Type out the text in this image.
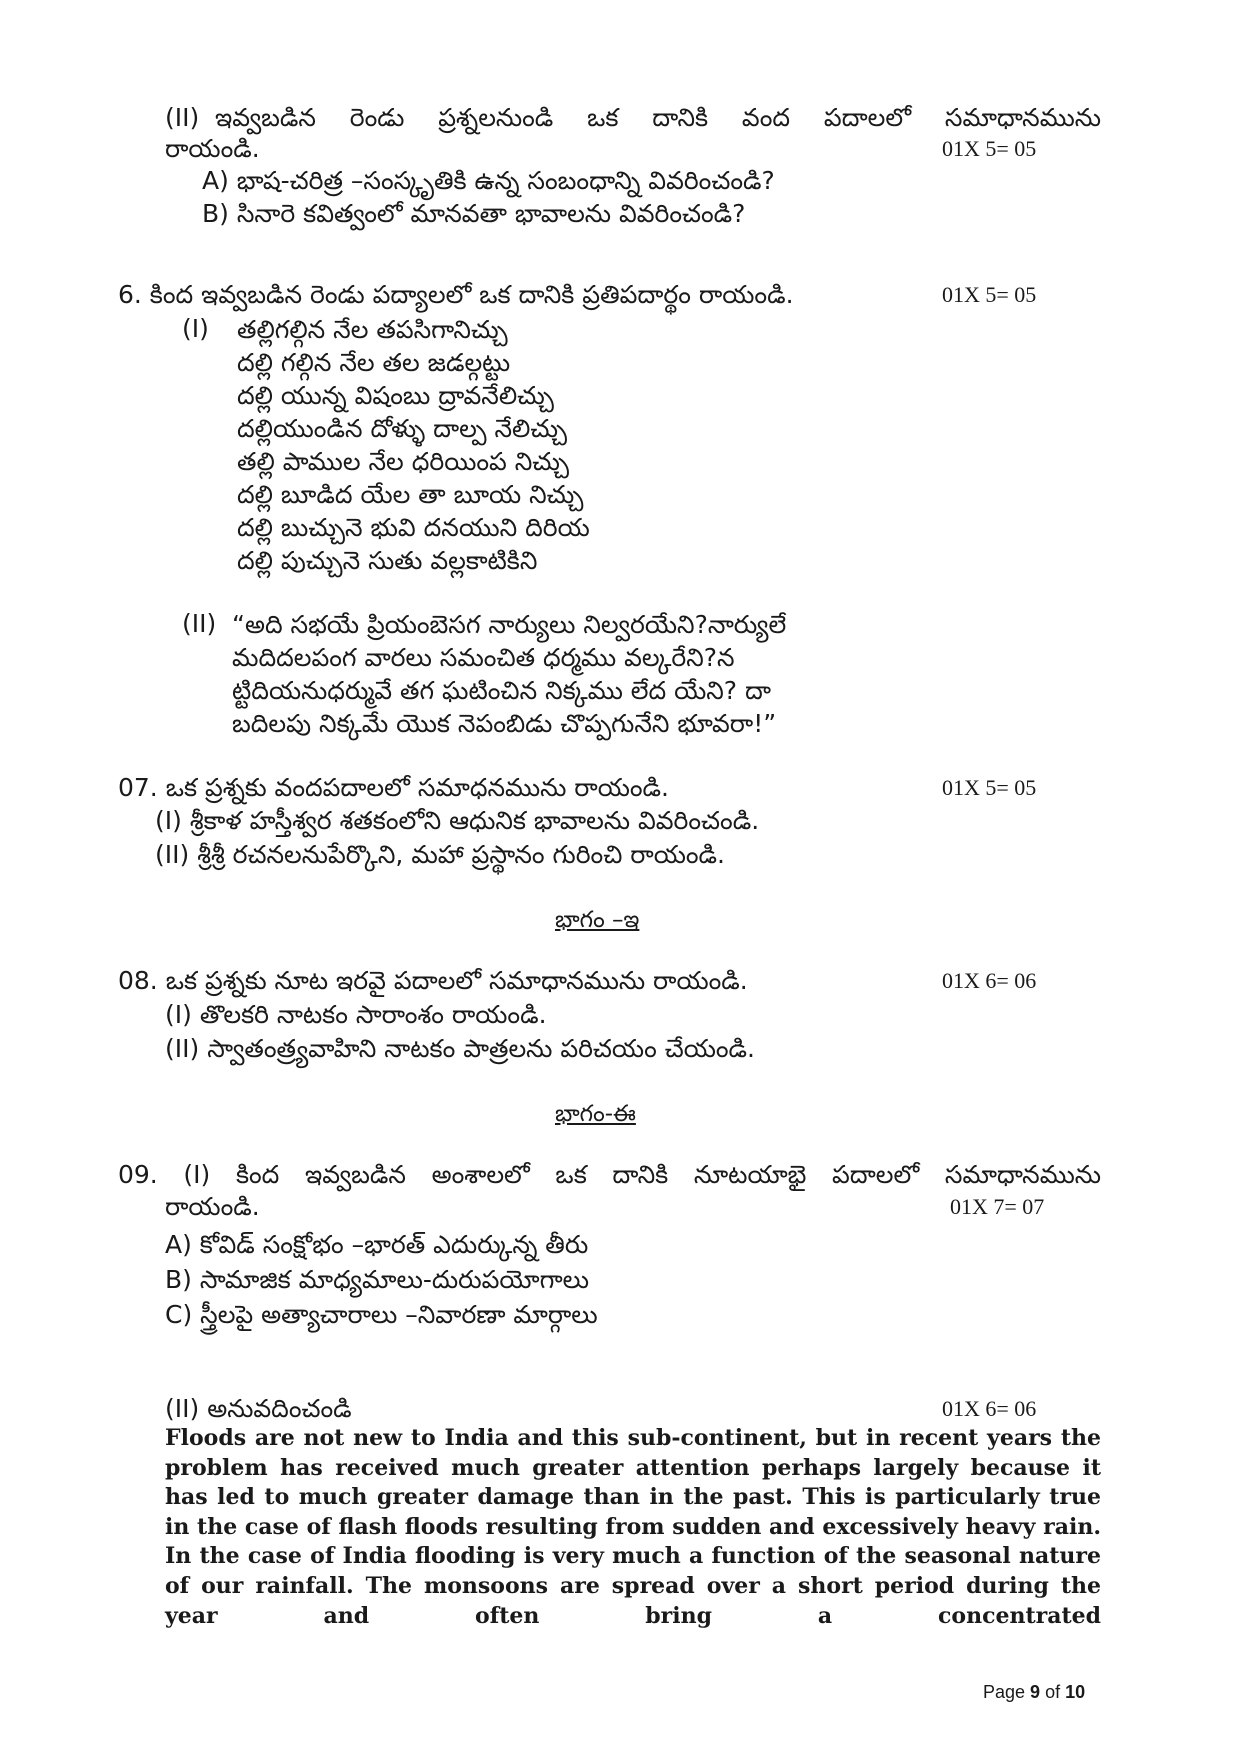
(II) ఇవ్వబడిన రెండు ప్రశ్నలనుండి ఒక దానికి వంద పదాలలో సమాధానమును
రాయండి.	01X 5= 05
A) భాష-చరిత్ర –సంస్కృతికి ఉన్న సంబంధాన్ని వివరించండి?
B) సినారె కవిత్వంలో మానవతా భావాలను వివరించండి?
6. కింద ఇవ్వబడిన రెండు పద్యాలలో ఒక దానికి ప్రతిపదార్థం రాయండి.	01X 5= 05
(I) తల్లిగల్గిన నేల తపసిగానిచ్చు
దల్లి గల్గిన నేల తల జడల్గట్టు
దల్లి యున్న విషంబు ద్రావనేలిచ్చు
దల్లియుండిన దోళ్ళు దాల్ప నేలిచ్చు
తల్లి పాముల నేల ధరియింప నిచ్చు
దల్లి బూడిద యేల తా బూయ నిచ్చు
దల్లి బుచ్చునె భువి దనయుని దిరియ
దల్లి పుచ్చునె సుతు వల్లకాటికిని
(II) “అది సభయే ప్రియంబెసగ నార్యులు నిల్వరయేని?నార్యులే
మదిదలపంగ వారలు సమంచిత ధర్మము వల్కరేని?న
ట్టిదియనుధర్మువే తగ ఘటించిన నిక్కము లేద యేని? దా
బదిలపు నిక్కమే యొక నెపంబిడు చొప్పగునేని భూవరా!”
07. ఒక ప్రశ్నకు వందపదాలలో సమాధనమును రాయండి.	01X 5= 05
(I) శ్రీకాళ హస్తీశ్వర శతకంలోని ఆధునిక భావాలను వివరించండి.
(II) శ్రీశ్రీ రచనలనుపేర్కొని, మహా ప్రస్థానం గురించి రాయండి.
భాగం –ఇ
08. ఒక ప్రశ్నకు నూట ఇరవై పదాలలో సమాధానమును రాయండి.	01X 6= 06
(I) తొలకరి నాటకం సారాంశం రాయండి.
(II) స్వాతంత్ర్యవాహిని నాటకం పాత్రలను పరిచయం చేయండి.
భాగం-ఈ
09. (I) కింద ఇవ్వబడిన అంశాలలో ఒక దానికి నూటయాభై పదాలలో సమాధానమును
రాయండి.	01X 7= 07
A) కోవిడ్ సంక్షోభం –భారత్ ఎదుర్కున్న తీరు
B) సామాజిక మాధ్యమాలు-దురుపయోగాలు
C) స్త్రీలపై అత్యాచారాలు –నివారణా మార్గాలు
(II) అనువదించండి	01X 6= 06
Floods are not new to India and this sub-continent, but in recent years the problem has received much greater attention perhaps largely because it has led to much greater damage than in the past. This is particularly true in the case of flash floods resulting from sudden and excessively heavy rain. In the case of India flooding is very much a function of the seasonal nature of our rainfall. The monsoons are spread over a short period during the year and often bring a concentrated
Page 9 of 10
